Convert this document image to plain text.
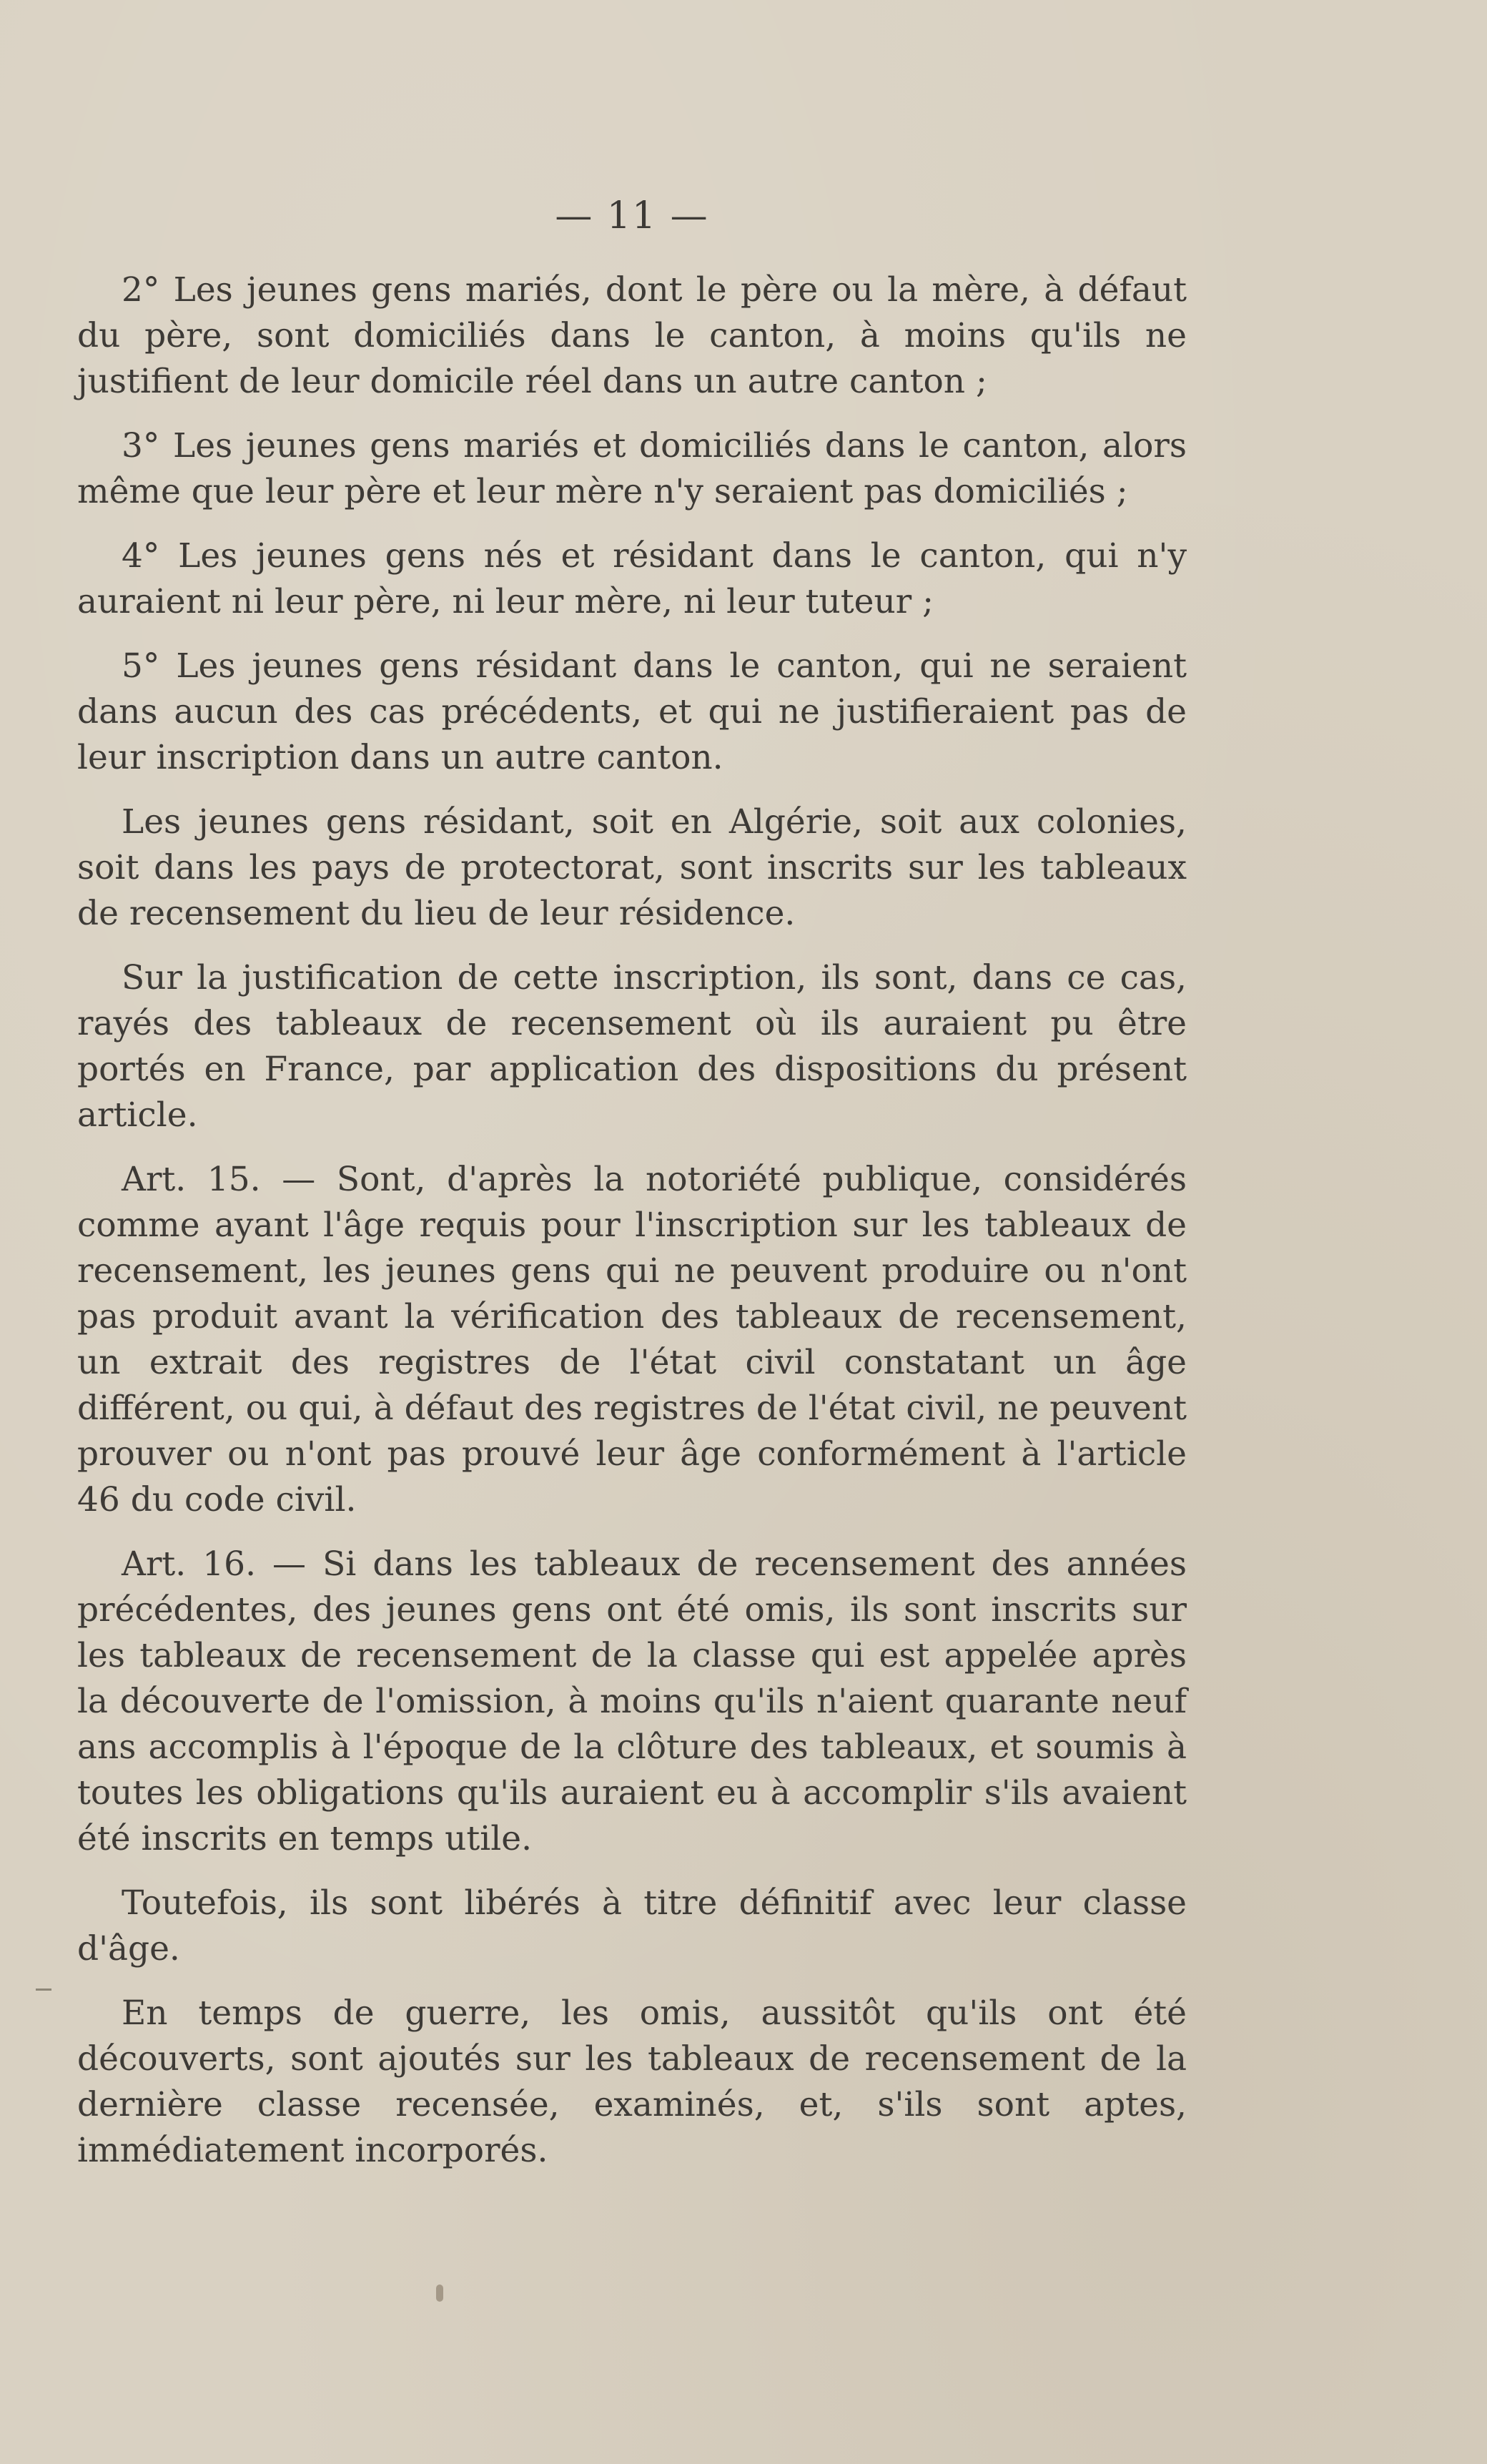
— 11 —

2° Les jeunes gens mariés, dont le père ou la mère, à défaut du père, sont domiciliés dans le canton, à moins qu'ils ne justifient de leur domicile réel dans un autre canton ;

3° Les jeunes gens mariés et domiciliés dans le canton, alors même que leur père et leur mère n'y seraient pas domiciliés ;

4° Les jeunes gens nés et résidant dans le canton, qui n'y auraient ni leur père, ni leur mère, ni leur tuteur ;

5° Les jeunes gens résidant dans le canton, qui ne seraient dans aucun des cas précédents, et qui ne justifieraient pas de leur inscription dans un autre canton.

Les jeunes gens résidant, soit en Algérie, soit aux colonies, soit dans les pays de protectorat, sont inscrits sur les tableaux de recensement du lieu de leur résidence.

Sur la justification de cette inscription, ils sont, dans ce cas, rayés des tableaux de recensement où ils auraient pu être portés en France, par application des dispositions du présent article.

Art. 15. — Sont, d'après la notoriété publique, considérés comme ayant l'âge requis pour l'inscription sur les tableaux de recensement, les jeunes gens qui ne peuvent produire ou n'ont pas produit avant la vérification des tableaux de recensement, un extrait des registres de l'état civil constatant un âge différent, ou qui, à défaut des registres de l'état civil, ne peuvent prouver ou n'ont pas prouvé leur âge conformément à l'article 46 du code civil.

Art. 16. — Si dans les tableaux de recensement des années précédentes, des jeunes gens ont été omis, ils sont inscrits sur les tableaux de recensement de la classe qui est appelée après la découverte de l'omission, à moins qu'ils n'aient quarante neuf ans accomplis à l'époque de la clôture des tableaux, et soumis à toutes les obligations qu'ils auraient eu à accomplir s'ils avaient été inscrits en temps utile.

Toutefois, ils sont libérés à titre définitif avec leur classe d'âge.

En temps de guerre, les omis, aussitôt qu'ils ont été découverts, sont ajoutés sur les tableaux de recensement de la dernière classe recensée, examinés, et, s'ils sont aptes, immédiatement incorporés.
